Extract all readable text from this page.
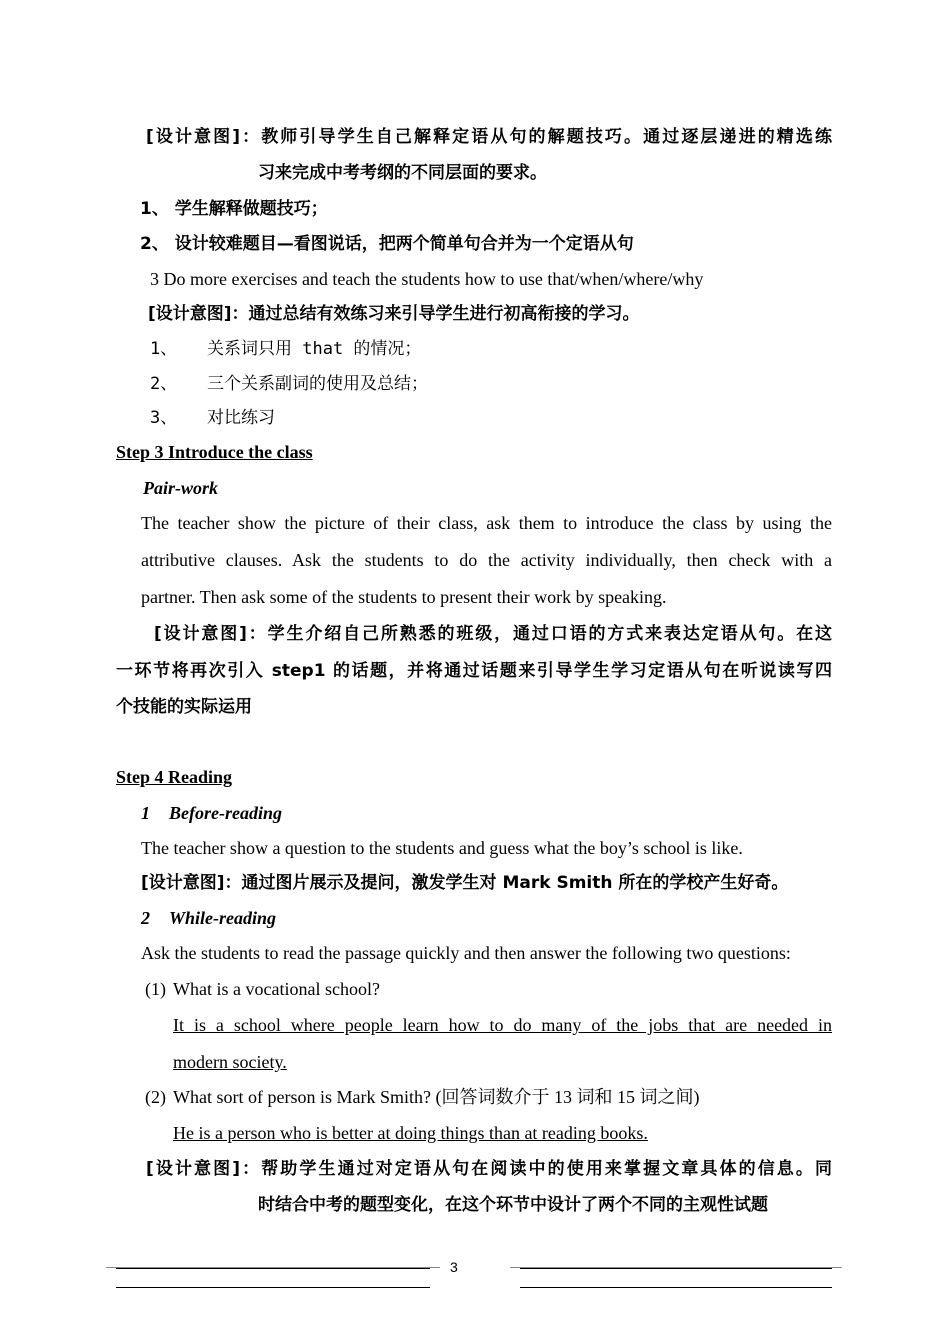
[设计意图]：教师引导学生自己解释定语从句的解题技巧。通过逐层递进的精选练
习来完成中考考纲的不同层面的要求。
1、 学生解释做题技巧；
2、 设计较难题目—看图说话，把两个简单句合并为一个定语从句
3 Do more exercises and teach the students how to use that/when/where/why
[设计意图]：通过总结有效练习来引导学生进行初高衔接的学习。
1、 关系词只用 that 的情况；
2、 三个关系副词的使用及总结；
3、 对比练习
Step 3 Introduce the class
Pair-work
The teacher show the picture of their class, ask them to introduce the class by using the
attributive clauses. Ask the students to do the activity individually, then check with a
partner. Then ask some of the students to present their work by speaking.
[设计意图]：学生介绍自己所熟悉的班级，通过口语的方式来表达定语从句。在这
一环节将再次引入 step1 的话题，并将通过话题来引导学生学习定语从句在听说读写四
个技能的实际运用
Step 4 Reading
1 Before-reading
The teacher show a question to the students and guess what the boy’s school is like.
[设计意图]：通过图片展示及提问，激发学生对 Mark Smith 所在的学校产生好奇。
2 While-reading
Ask the students to read the passage quickly and then answer the following two questions:
(1) What is a vocational school?
It is a school where people learn how to do many of the jobs that are needed in
modern society.
(2) What sort of person is Mark Smith? (回答词数介于 13 词和 15 词之间)
He is a person who is better at doing things than at reading books.
[设计意图]：帮助学生通过对定语从句在阅读中的使用来掌握文章具体的信息。同
时结合中考的题型变化，在这个环节中设计了两个不同的主观性试题
3
